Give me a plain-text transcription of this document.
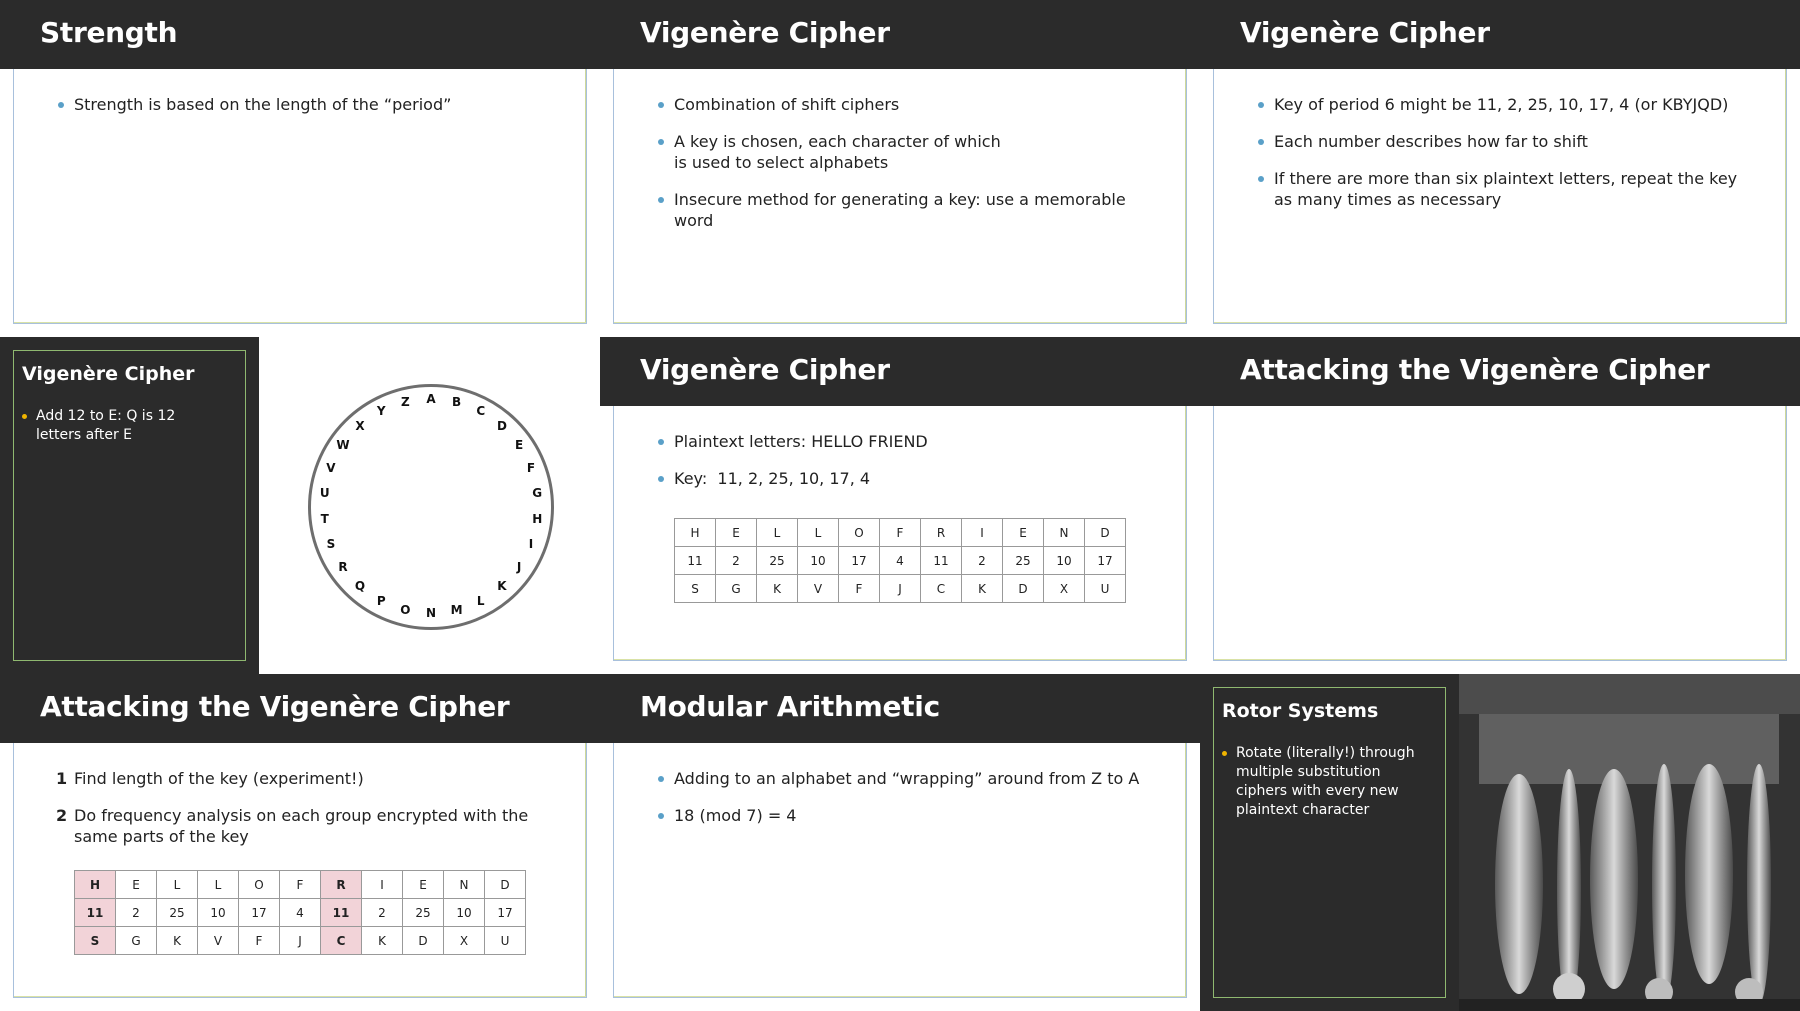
Strength
Strength is based on the length of the “period”
Vigenère Cipher
Combination of shift ciphers
A key is chosen, each character of which is used to select alphabets
Insecure method for generating a key: use a memorable word
Vigenère Cipher
Key of period 6 might be 11, 2, 25, 10, 17, 4 (or KBYJQD)
Each number describes how far to shift
If there are more than six plaintext letters, repeat the key as many times as necessary
Vigenère Cipher
Add 12 to E: Q is 12 letters after E
A B
C
D
E
F
G
H
I
J
K
L
M
N
O
P
Q
R
S
T
U
V
W
X
Y
Z
Vigenère Cipher
Plaintext letters: HELLO FRIEND
Key:  11, 2, 25, 10, 17, 4
H	E	L	L	O	F	R	I	E	N	D
11	2	25	10	17	4	11	2	25	10	17
S	G	K	V	F	J	C	K	D	X	U
Attacking the Vigenère Cipher
Attacking the Vigenère Cipher
1 Find length of the key (experiment!)
2 Do frequency analysis on each group encrypted with the same parts of the key
H	E	L	L	O	F	R	I	E	N	D
11	2	25	10	17	4	11	2	25	10	17
S	G	K	V	F	J	C	K	D	X	U
Modular Arithmetic
Adding to an alphabet and “wrapping” around from Z to A
18 (mod 7) = 4
Rotor Systems
Rotate (literally!) through multiple substitution ciphers with every new plaintext character
